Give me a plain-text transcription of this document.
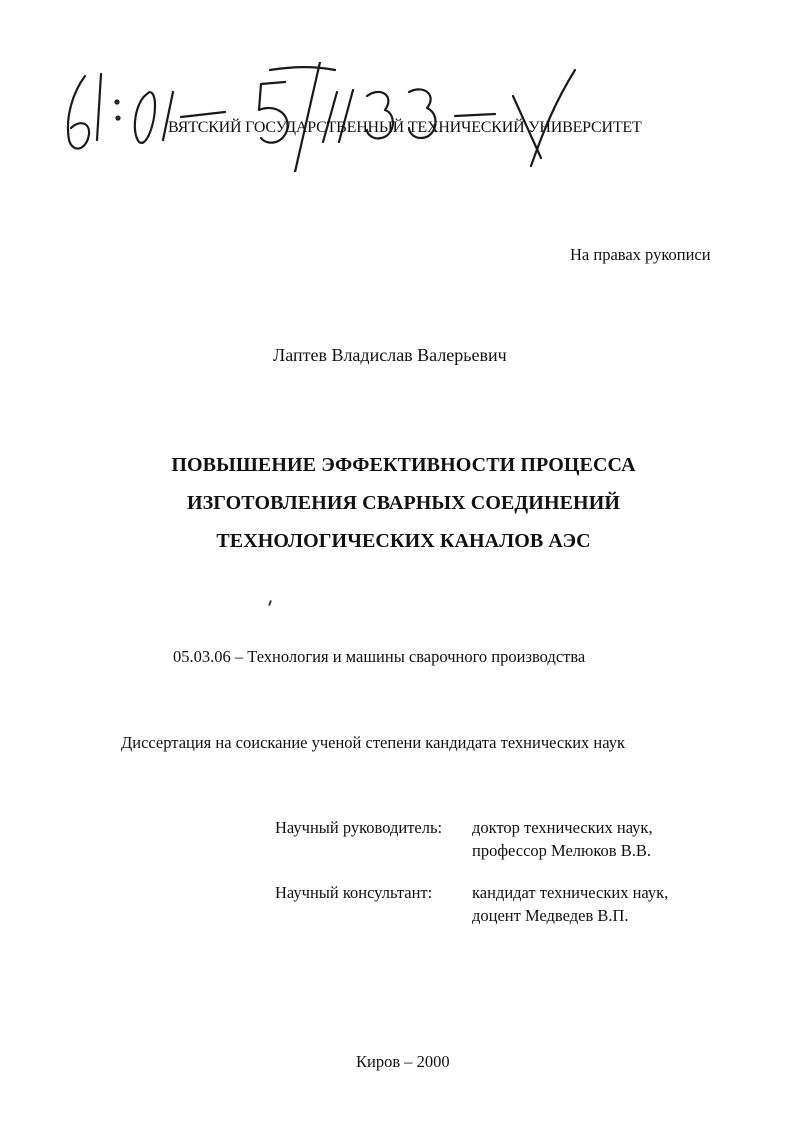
ВЯТСКИЙ ГОСУДАРСТВЕННЫЙ ТЕХНИЧЕСКИЙ УНИВЕРСИТЕТ
На правах рукописи
Лаптев Владислав Валерьевич
ПОВЫШЕНИЕ ЭФФЕКТИВНОСТИ ПРОЦЕССА
ИЗГОТОВЛЕНИЯ СВАРНЫХ СОЕДИНЕНИЙ
ТЕХНОЛОГИЧЕСКИХ КАНАЛОВ АЭС
05.03.06 – Технология и машины сварочного производства
Диссертация на соискание ученой степени кандидата технических наук
Научный руководитель: доктор технических наук,
профессор Мелюков В.В.
Научный консультант: кандидат технических наук,
доцент Медведев В.П.
Киров – 2000
